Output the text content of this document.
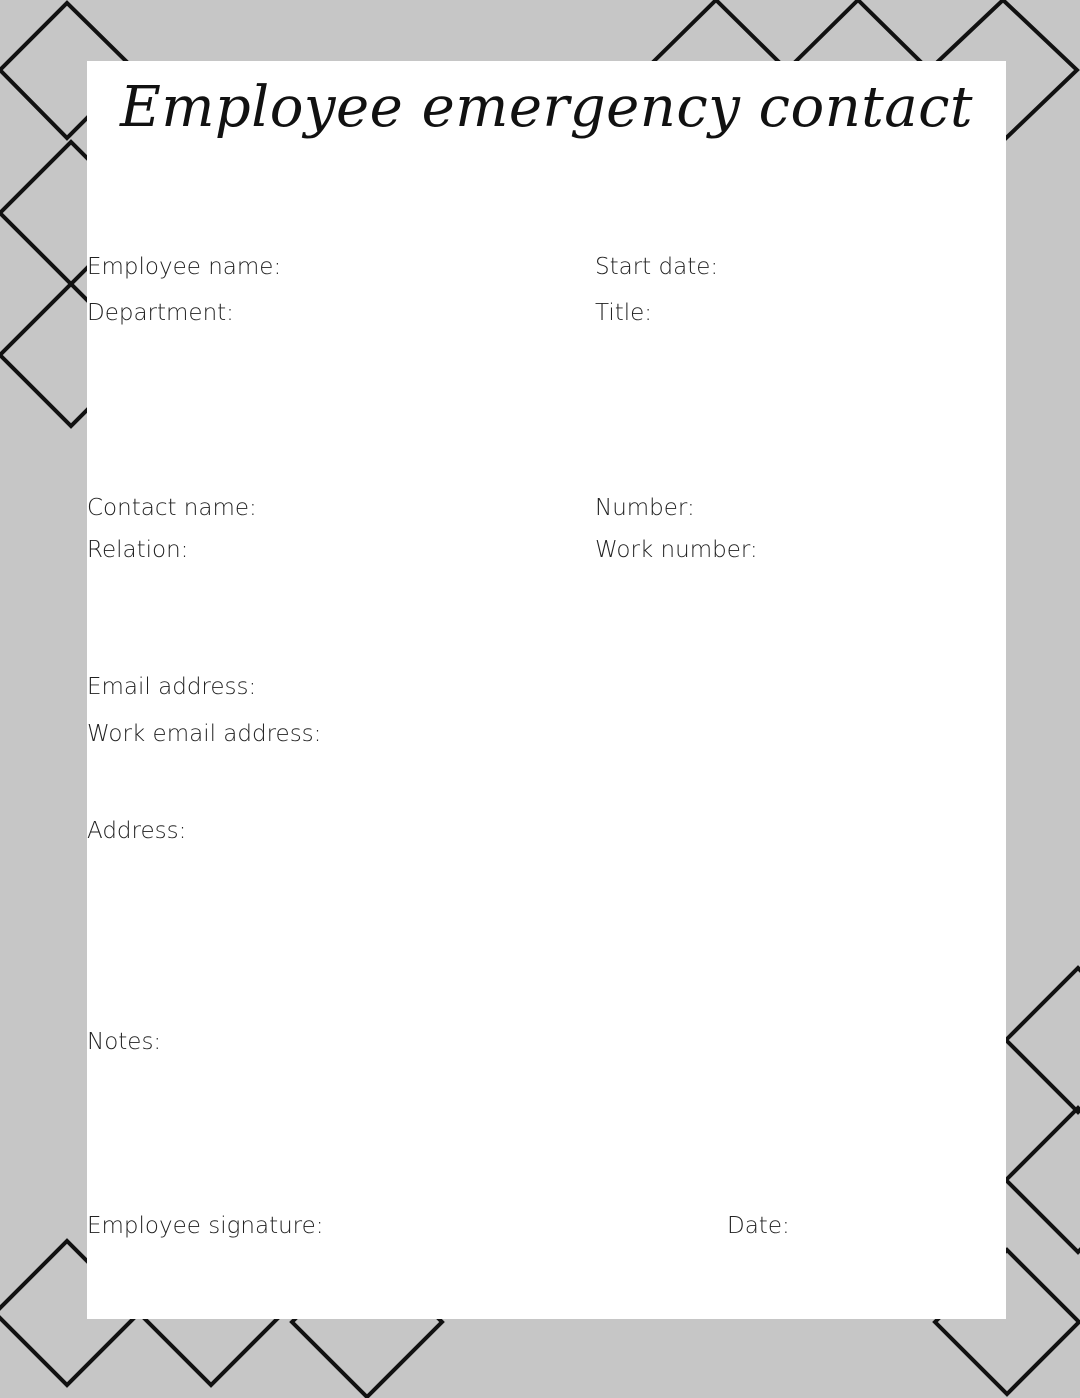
Employee emergency contact
Employee name:	Start date:
Department:	Title:
Contact name:	Number:
Relation:	Work number:
Email address:
Work email address:
Address:
Notes:
Employee signature:	Date:
